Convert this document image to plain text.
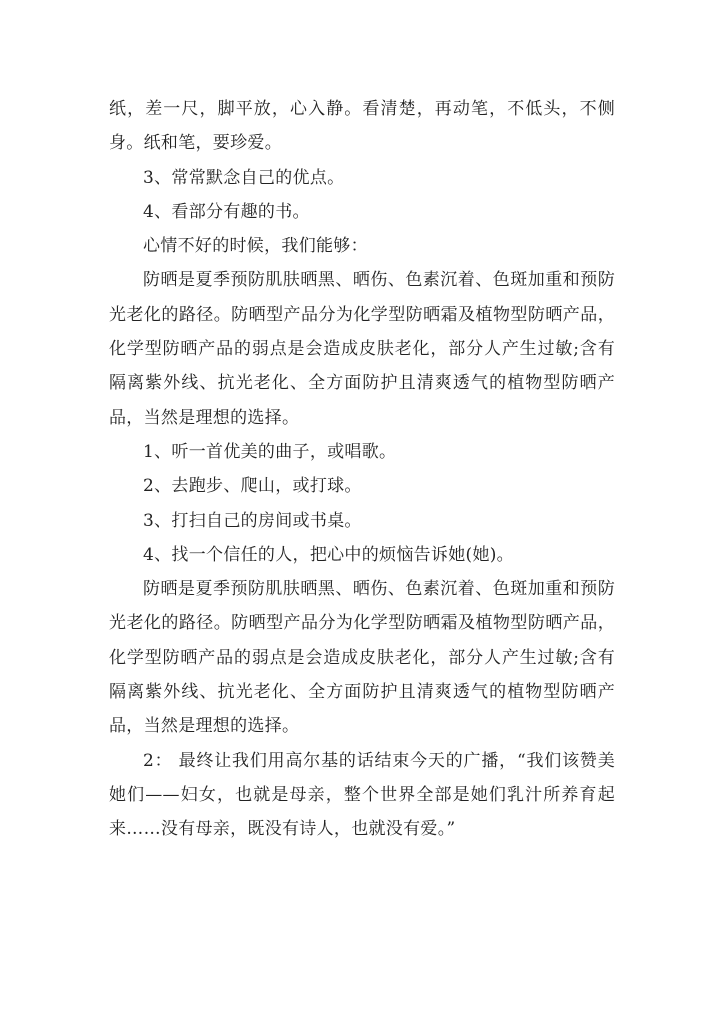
纸，差一尺，脚平放，心入静。看清楚，再动笔，不低头，不侧身。纸和笔，要珍爱。

3、常常默念自己的优点。

4、看部分有趣的书。

心情不好的时候，我们能够：

防晒是夏季预防肌肤晒黑、晒伤、色素沉着、色斑加重和预防光老化的路径。防晒型产品分为化学型防晒霜及植物型防晒产品，化学型防晒产品的弱点是会造成皮肤老化，部分人产生过敏;含有隔离紫外线、抗光老化、全方面防护且清爽透气的植物型防晒产品，当然是理想的选择。

1、听一首优美的曲子，或唱歌。

2、去跑步、爬山，或打球。

3、打扫自己的房间或书桌。

4、找一个信任的人，把心中的烦恼告诉她(她)。

防晒是夏季预防肌肤晒黑、晒伤、色素沉着、色斑加重和预防光老化的路径。防晒型产品分为化学型防晒霜及植物型防晒产品，化学型防晒产品的弱点是会造成皮肤老化，部分人产生过敏;含有隔离紫外线、抗光老化、全方面防护且清爽透气的植物型防晒产品，当然是理想的选择。

2： 最终让我们用高尔基的话结束今天的广播，“我们该赞美她们——妇女，也就是母亲，整个世界全部是她们乳汁所养育起来……没有母亲，既没有诗人，也就没有爱。”
